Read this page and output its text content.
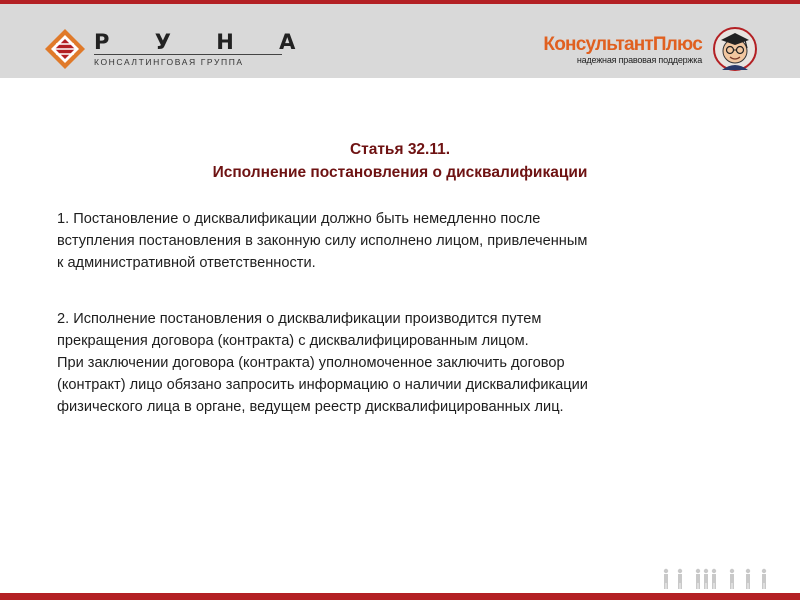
Р У Н А
КОНСАЛТИНГОВАЯ ГРУППА
КонсультантПлюс
надежная правовая поддержка
Статья 32.11.
Исполнение постановления о дисквалификации

1. Постановление о дисквалификации должно быть немедленно после

вступления постановления в законную силу исполнено лицом, привлеченным

к административной ответственности.

2. Исполнение постановления о дисквалификации производится путем

прекращения договора (контракта) с дисквалифицированным лицом.

При заключении договора (контракта) уполномоченное заключить договор

(контракт) лицо обязано запросить информацию о наличии дисквалификации

физического лица в органе, ведущем реестр дисквалифицированных лиц.
